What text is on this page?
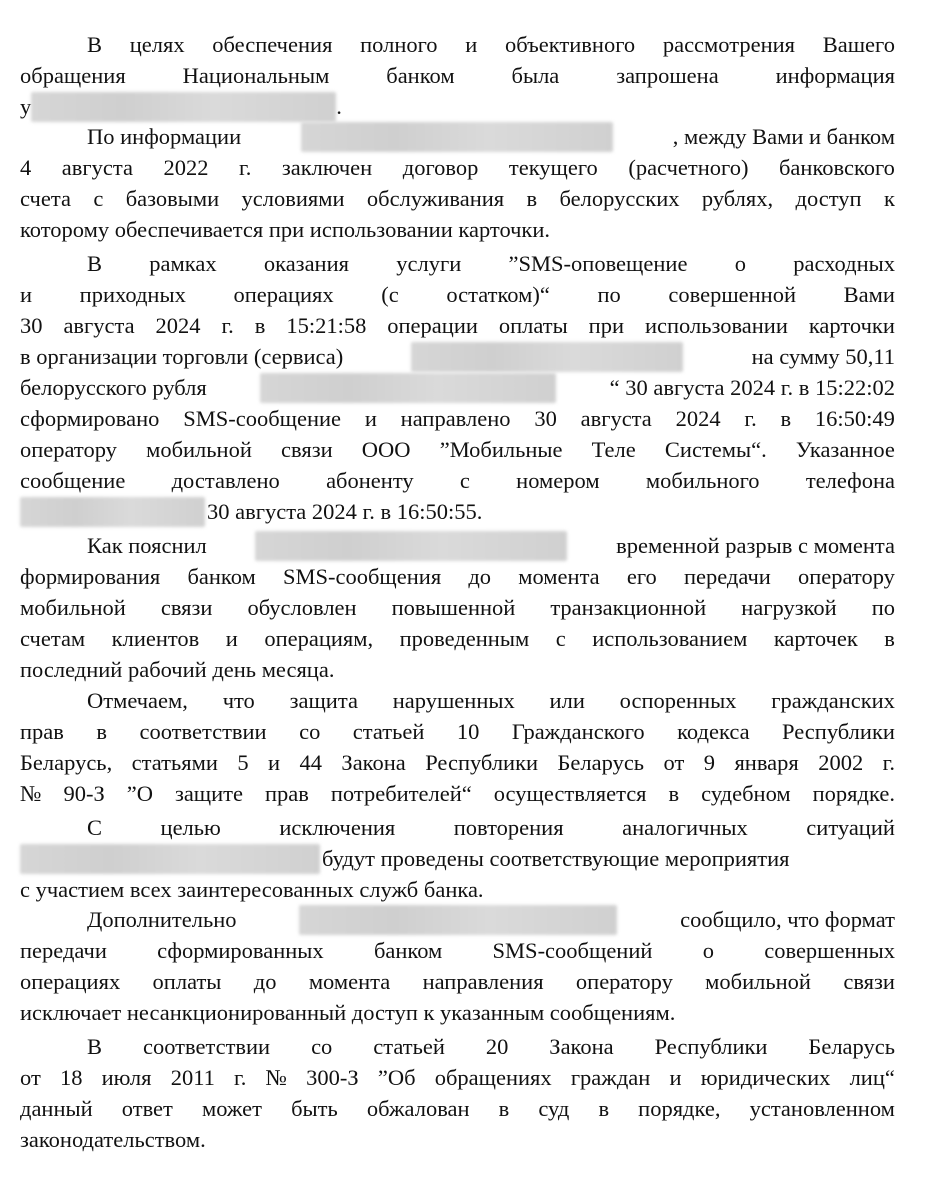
В целях обеспечения полного и объективного рассмотрения Вашего
обращения	Национальным	банком	была	запрошена	информация
у	.
По информации	, между Вами и банком
4 августа 2022 г. заключен договор текущего (расчетного) банковского
счета с базовыми условиями обслуживания в белорусских рублях, доступ к
которому обеспечивается при использовании карточки.
В рамках оказания услуги ”SMS-оповещение о расходных
и приходных операциях (с остатком)“ по совершенной Вами
30 августа 2024 г. в 15:21:58 операции оплаты при использовании карточки
в организации торговли (сервиса)	на сумму 50,11
белорусского рубля	“ 30 августа 2024 г. в 15:22:02
сформировано SMS-сообщение и направлено 30 августа 2024 г. в 16:50:49
оператору мобильной связи ООО ”Мобильные Теле Системы“. Указанное
сообщение доставлено абоненту с номером мобильного телефона
30 августа 2024 г. в 16:50:55.
Как пояснил	временной разрыв с момента
формирования банком SMS-сообщения до момента его передачи оператору
мобильной связи обусловлен повышенной транзакционной нагрузкой по
счетам клиентов и операциям, проведенным с использованием карточек в
последний рабочий день месяца.
Отмечаем, что защита нарушенных или оспоренных гражданских
прав в соответствии со статьей 10 Гражданского кодекса Республики
Беларусь, статьями 5 и 44 Закона Республики Беларусь от 9 января 2002 г.
№ 90-З ”О защите прав потребителей“ осуществляется в судебном порядке.
С	целью	исключения	повторения	аналогичных	ситуаций
будут проведены соответствующие мероприятия
с участием всех заинтересованных служб банка.
Дополнительно	сообщило, что формат
передачи сформированных банком SMS-сообщений о совершенных
операциях оплаты до момента направления оператору мобильной связи
исключает несанкционированный доступ к указанным сообщениям.
В соответствии со статьей 20 Закона Республики Беларусь
от 18 июля 2011 г. № 300-З ”Об обращениях граждан и юридических лиц“
данный ответ может быть обжалован в суд в порядке, установленном
законодательством.
